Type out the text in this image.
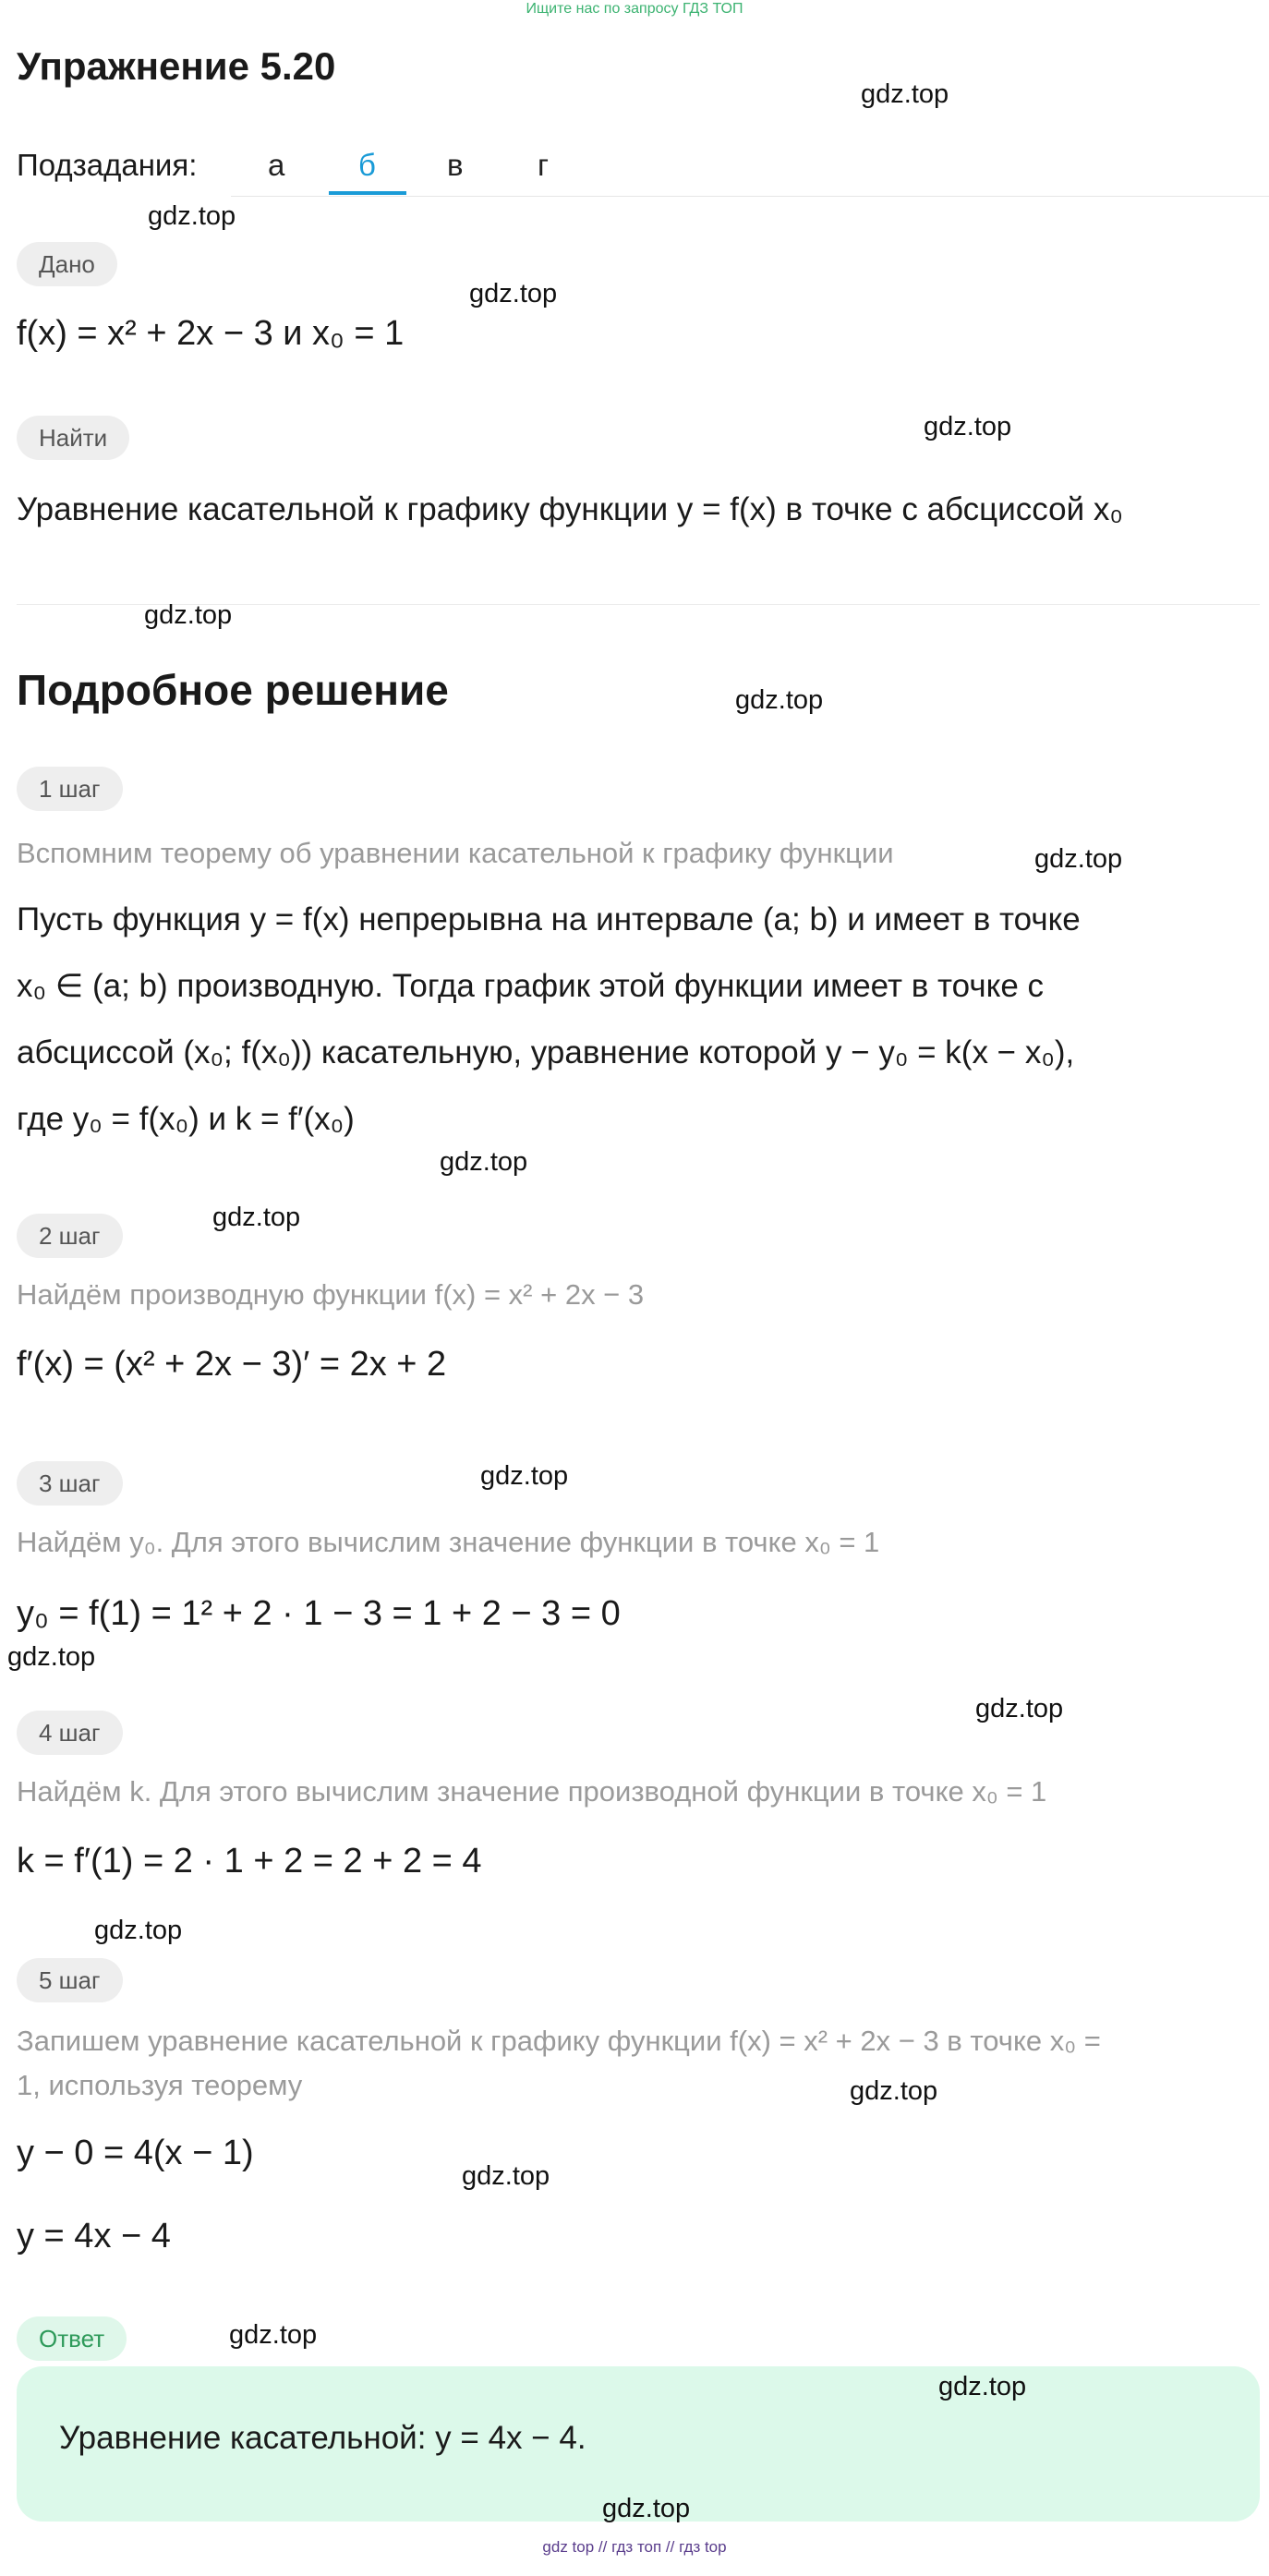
Ищите нас по запросу ГДЗ ТОП
Упражнение 5.20
Подзадания: а б в г
Дано
f(x) = x² + 2x − 3 и x₀ = 1
Найти
Уравнение касательной к графику функции y = f(x) в точке с абсциссой x₀
Подробное решение
1 шаг
Вспомним теорему об уравнении касательной к графику функции
Пусть функция y = f(x) непрерывна на интервале (a; b) и имеет в точке
x₀ ∈ (a; b) производную. Тогда график этой функции имеет в точке с
абсциссой (x₀; f(x₀)) касательную, уравнение которой y − y₀ = k(x − x₀),
где y₀ = f(x₀) и k = f′(x₀)
2 шаг
Найдём производную функции f(x) = x² + 2x − 3
f′(x) = (x² + 2x − 3)′ = 2x + 2
3 шаг
Найдём y₀. Для этого вычислим значение функции в точке x₀ = 1
y₀ = f(1) = 1² + 2 · 1 − 3 = 1 + 2 − 3 = 0
4 шаг
Найдём k. Для этого вычислим значение производной функции в точке x₀ = 1
k = f′(1) = 2 · 1 + 2 = 2 + 2 = 4
5 шаг
Запишем уравнение касательной к графику функции f(x) = x² + 2x − 3 в точке x₀ =
1, используя теорему
y − 0 = 4(x − 1)
y = 4x − 4
Ответ
Уравнение касательной: y = 4x − 4.
gdz.top
gdz.top
gdz.top
gdz.top
gdz.top
gdz.top
gdz.top
gdz.top
gdz.top
gdz.top
gdz.top
gdz.top
gdz.top
gdz.top
gdz.top
gdz.top
gdz.top
gdz.top
gdz top // гдз топ // гдз top
